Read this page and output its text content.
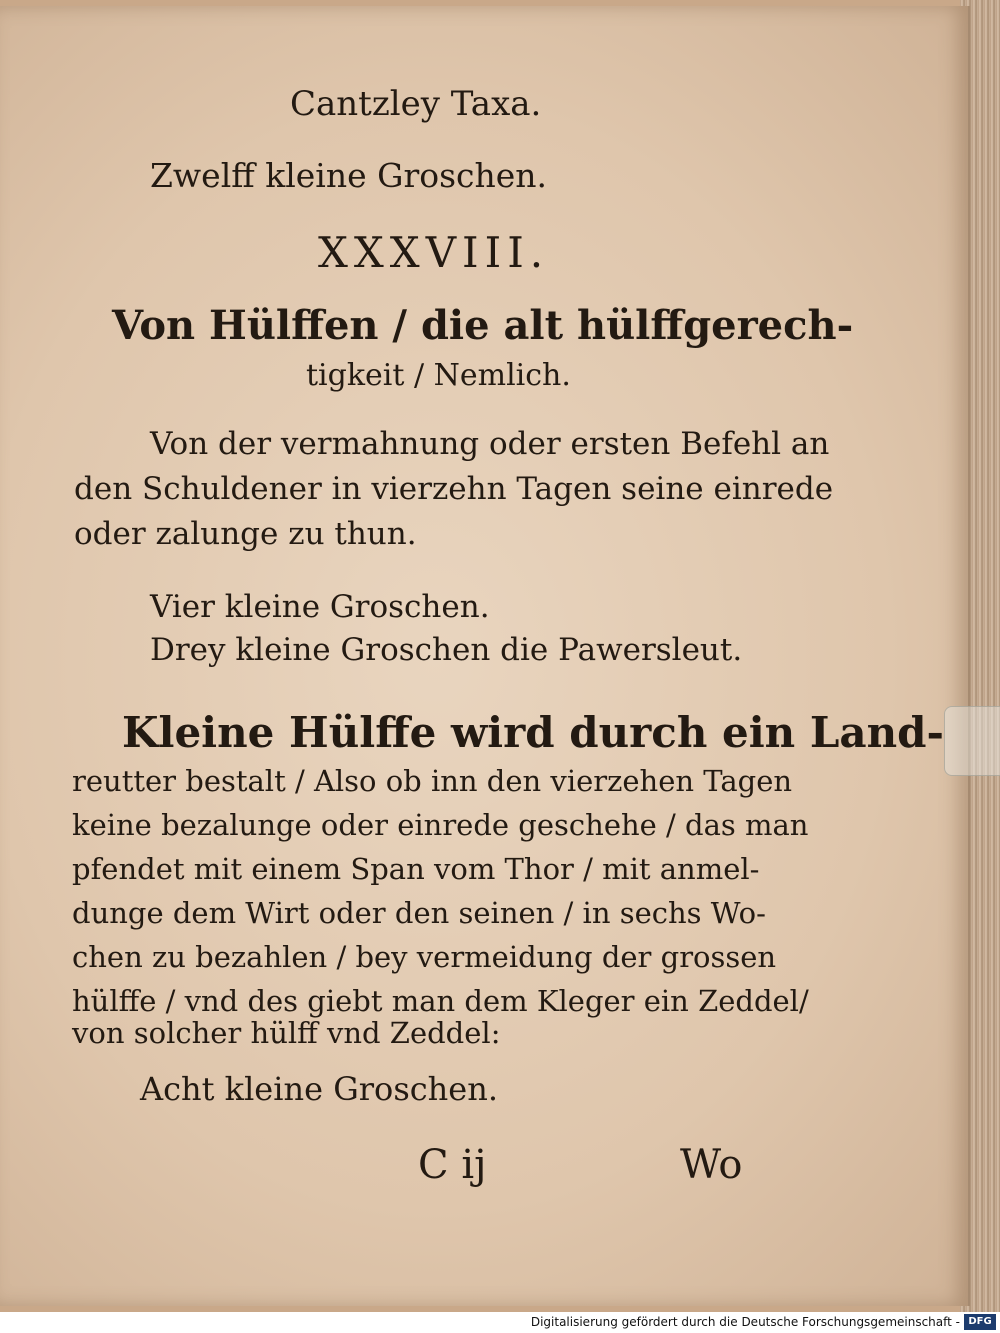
Cantzley Taxa.
Zwelff kleine Groschen.
XXXVIII.
Von Hülffen / die alt hülffgerech-
tigkeit / Nemlich.
Von der vermahnung oder ersten Befehl an
den Schuldener in vierzehn Tagen seine einrede
oder zalunge zu thun.
Vier kleine Groschen.
Drey kleine Groschen die Pawersleut.
Kleine Hülffe wird durch ein Land-
reutter bestalt / Also ob inn den vierzehen Tagen
keine bezalunge oder einrede geschehe / das man
pfendet mit einem Span vom Thor / mit anmel-
dunge dem Wirt oder den seinen / in sechs Wo-
chen zu bezahlen / bey vermeidung der grossen
hülffe / vnd des giebt man dem Kleger ein Zeddel/
von solcher hülff vnd Zeddel:
Acht kleine Groschen.
C ij	Wo
Digitalisierung gefördert durch die Deutsche Forschungsgemeinschaft - DFG
